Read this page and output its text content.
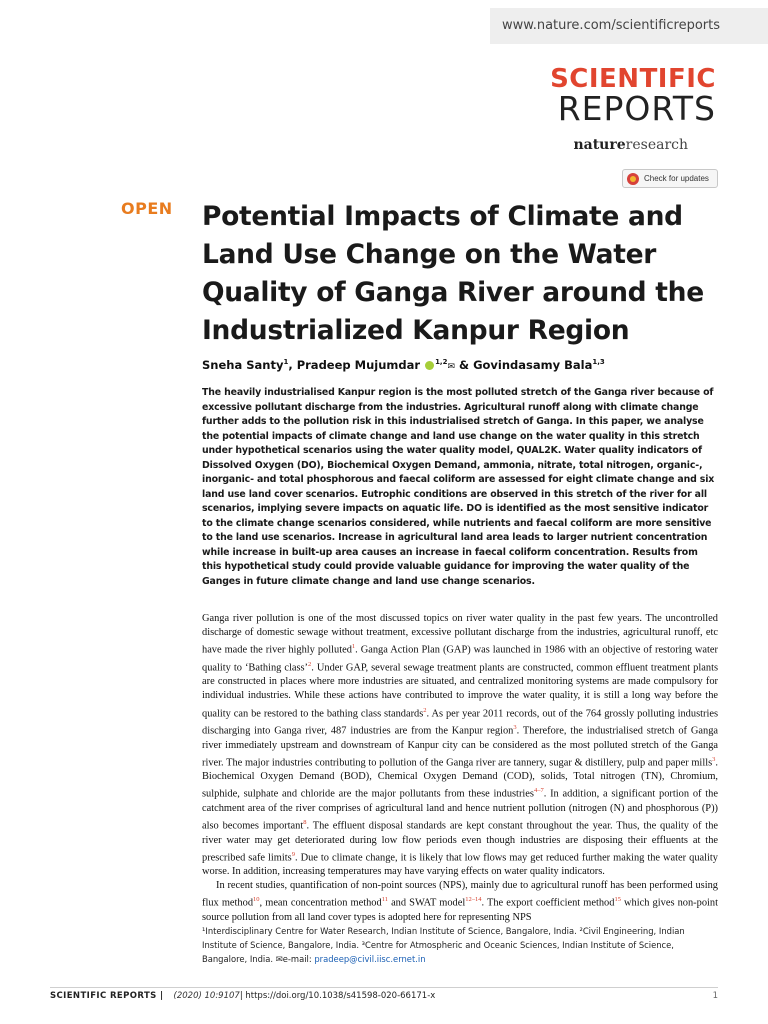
www.nature.com/scientificreports
SCIENTIFIC
REPORTS
natureresearch
Check for updates
OPEN Potential Impacts of Climate and Land Use Change on the Water Quality of Ganga River around the Industrialized Kanpur Region
Sneha Santy$^1$, Pradeep Mujumdar $^{1,2}$✉ & Govindasamy Bala$^{1,3}$

The heavily industrialised Kanpur region is the most polluted stretch of the Ganga river because of excessive pollutant discharge from the industries. Agricultural runoff along with climate change further adds to the pollution risk in this industrialised stretch of Ganga. In this paper, we analyse the potential impacts of climate change and land use change on the water quality in this stretch under hypothetical scenarios using the water quality model, QUAL2K. Water quality indicators of Dissolved Oxygen (DO), Biochemical Oxygen Demand, ammonia, nitrate, total nitrogen, organic-, inorganic- and total phosphorous and faecal coliform are assessed for eight climate change and six land use land cover scenarios. Eutrophic conditions are observed in this stretch of the river for all scenarios, implying severe impacts on aquatic life. DO is identified as the most sensitive indicator to the climate change scenarios considered, while nutrients and faecal coliform are more sensitive to the land use scenarios. Increase in agricultural land area leads to larger nutrient concentration while increase in built-up area causes an increase in faecal coliform concentration. Results from this hypothetical study could provide valuable guidance for improving the water quality of the Ganges in future climate change and land use change scenarios.

Ganga river pollution is one of the most discussed topics on river water quality in the past few years. The uncontrolled discharge of domestic sewage without treatment, excessive pollutant discharge from the industries, agricultural runoff, etc have made the river highly polluted$^1$. Ganga Action Plan (GAP) was launched in 1986 with an objective of restoring water quality to ‘Bathing class’$^2$. Under GAP, several sewage treatment plants are constructed, common effluent treatment plants are constructed in places where more industries are situated, and centralized monitoring systems are made compulsory for individual industries. While these actions have contributed to improve the water quality, it is still a long way before the quality can be restored to the bathing class standards$^2$. As per year 2011 records, out of the 764 grossly polluting industries discharging into Ganga river, 487 industries are from the Kanpur region$^3$. Therefore, the industrialised stretch of Ganga river immediately upstream and downstream of Kanpur city can be considered as the most polluted stretch of the Ganga river. The major industries contributing to pollution of the Ganga river are tannery, sugar & distillery, pulp and paper mills$^3$. Biochemical Oxygen Demand (BOD), Chemical Oxygen Demand (COD), solids, Total nitrogen (TN), Chromium, sulphide, sulphate and chloride are the major pollutants from these industries$^{4-7}$. In addition, a significant portion of the catchment area of the river comprises of agricultural land and hence nutrient pollution (nitrogen (N) and phosphorous (P)) also becomes important$^8$. The effluent disposal standards are kept constant throughout the year. Thus, the quality of the river water may get deteriorated during low flow periods even though industries are disposing their effluents at the prescribed safe limits$^9$. Due to climate change, it is likely that low flows may get reduced further making the water quality worse. In addition, increasing temperatures may have varying effects on water quality indicators.

In recent studies, quantification of non-point sources (NPS), mainly due to agricultural runoff has been performed using flux method$^{10}$, mean concentration method$^{11}$ and SWAT model$^{12-14}$. The export coefficient method$^{15}$ which gives non-point source pollution from all land cover types is adopted here for representing NPS

¹Interdisciplinary Centre for Water Research, Indian Institute of Science, Bangalore, India. ²Civil Engineering, Indian Institute of Science, Bangalore, India. ³Centre for Atmospheric and Oceanic Sciences, Indian Institute of Science, Bangalore, India. ✉e-mail: pradeep@civil.iisc.ernet.in
SCIENTIFIC REPORTS | (2020) 10:9107 | https://doi.org/10.1038/s41598-020-66171-x	1
